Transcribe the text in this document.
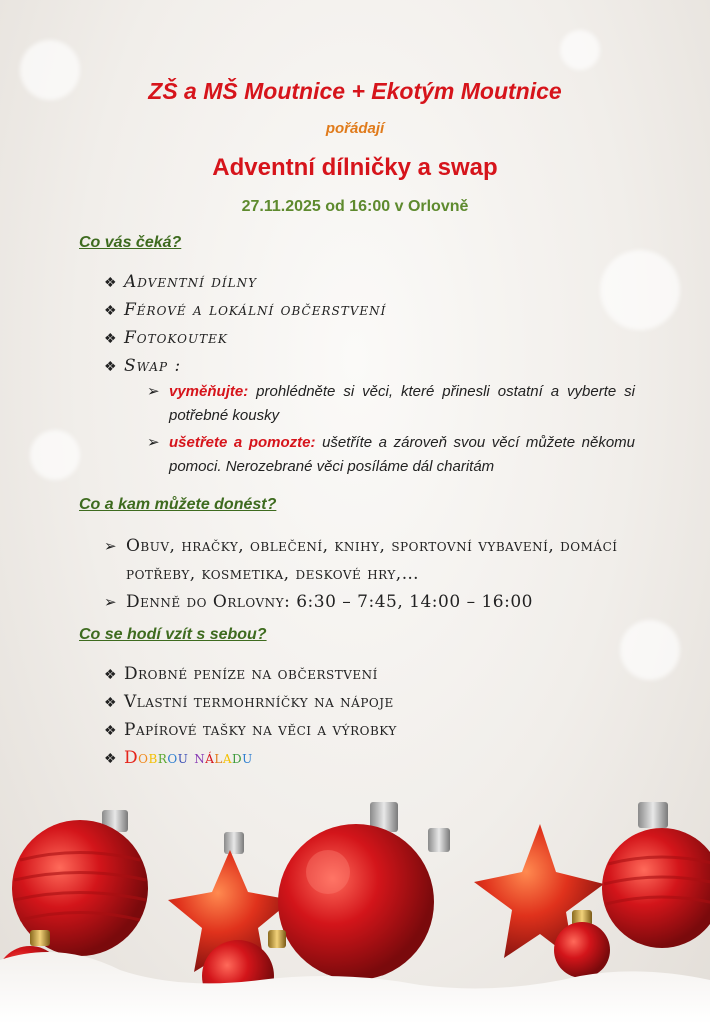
ZŠ a MŠ Moutnice + Ekotým Moutnice
pořádají
Adventní dílničky a swap
27.11.2025 od 16:00 v Orlovně
Co vás čeká?
❖ Adventní dílny
❖ Férové a lokální občerstvení
❖ Fotokoutek
❖ Swap :
➢ vyměňujte: prohlédněte si věci, které přinesli ostatní a vyberte si potřebné kousky
➢ ušetřete a pomozte: ušetříte a zároveň svou věcí můžete někomu pomoci. Nerozebrané věci posíláme dál charitám
Co a kam můžete donést?
➢ Obuv, hračky, oblečení, knihy, sportovní vybavení, domácí potřeby, kosmetika, deskové hry,…
➢ Denně do Orlovny: 6:30 – 7:45, 14:00 – 16:00
Co se hodí vzít s sebou?
❖ Drobné peníze na občerstvení
❖ Vlastní termohrníčky na nápoje
❖ Papírové tašky na věci a výrobky
❖ Dobrou náladu
